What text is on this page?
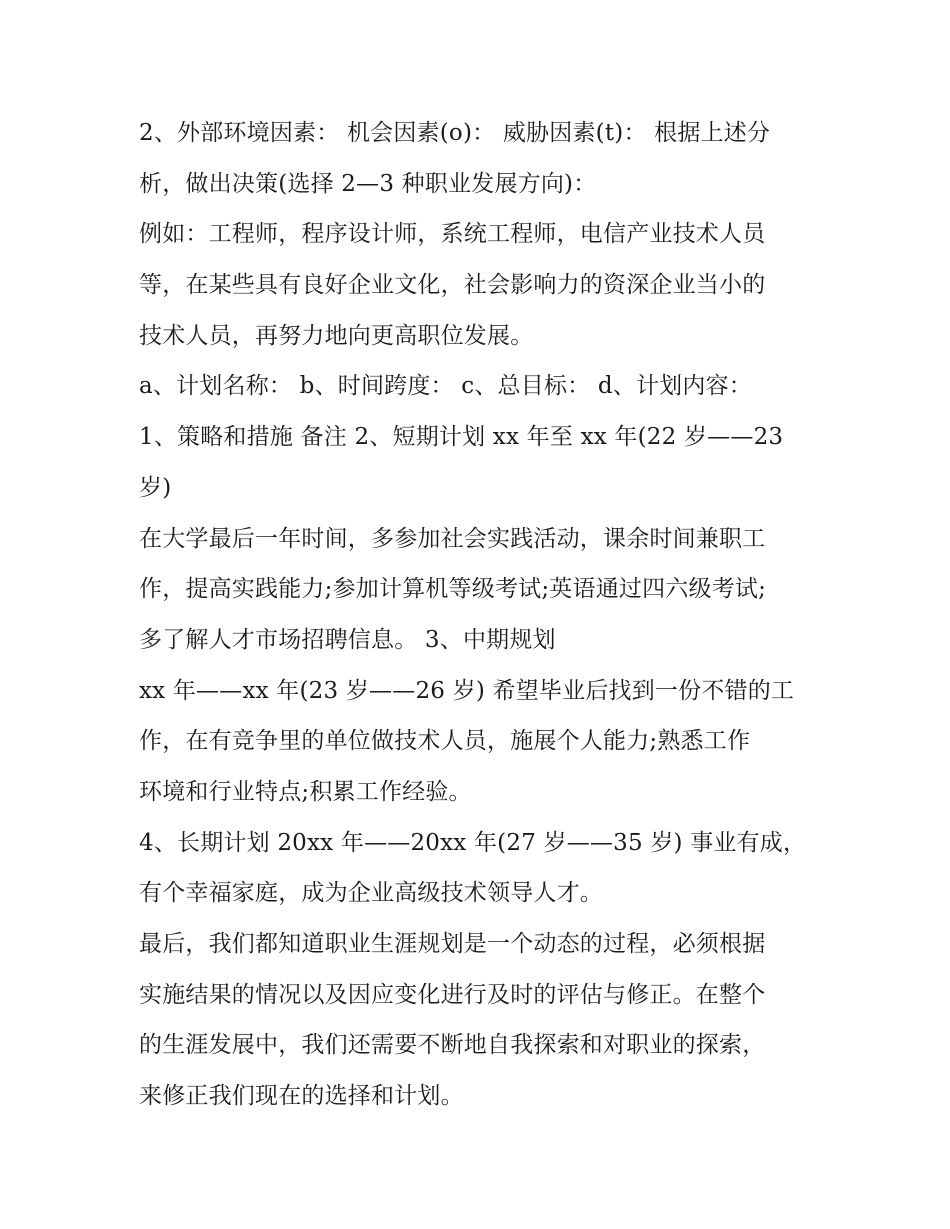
2、外部环境因素： 机会因素(o)： 威胁因素(t)： 根据上述分
析，做出决策(选择 2—3 种职业发展方向)：
例如：工程师，程序设计师，系统工程师，电信产业技术人员
等，在某些具有良好企业文化，社会影响力的资深企业当小的
技术人员，再努力地向更高职位发展。
a、计划名称： b、时间跨度： c、总目标： d、计划内容：
1、策略和措施 备注 2、短期计划 xx 年至 xx 年(22 岁——23
岁)
在大学最后一年时间，多参加社会实践活动，课余时间兼职工
作，提高实践能力;参加计算机等级考试;英语通过四六级考试;
多了解人才市场招聘信息。 3、中期规划
xx 年——xx 年(23 岁——26 岁) 希望毕业后找到一份不错的工
作，在有竞争里的单位做技术人员，施展个人能力;熟悉工作
环境和行业特点;积累工作经验。
4、长期计划 20xx 年——20xx 年(27 岁——35 岁) 事业有成，
有个幸福家庭，成为企业高级技术领导人才。
最后，我们都知道职业生涯规划是一个动态的过程，必须根据
实施结果的情况以及因应变化进行及时的评估与修正。在整个
的生涯发展中，我们还需要不断地自我探索和对职业的探索，
来修正我们现在的选择和计划。
